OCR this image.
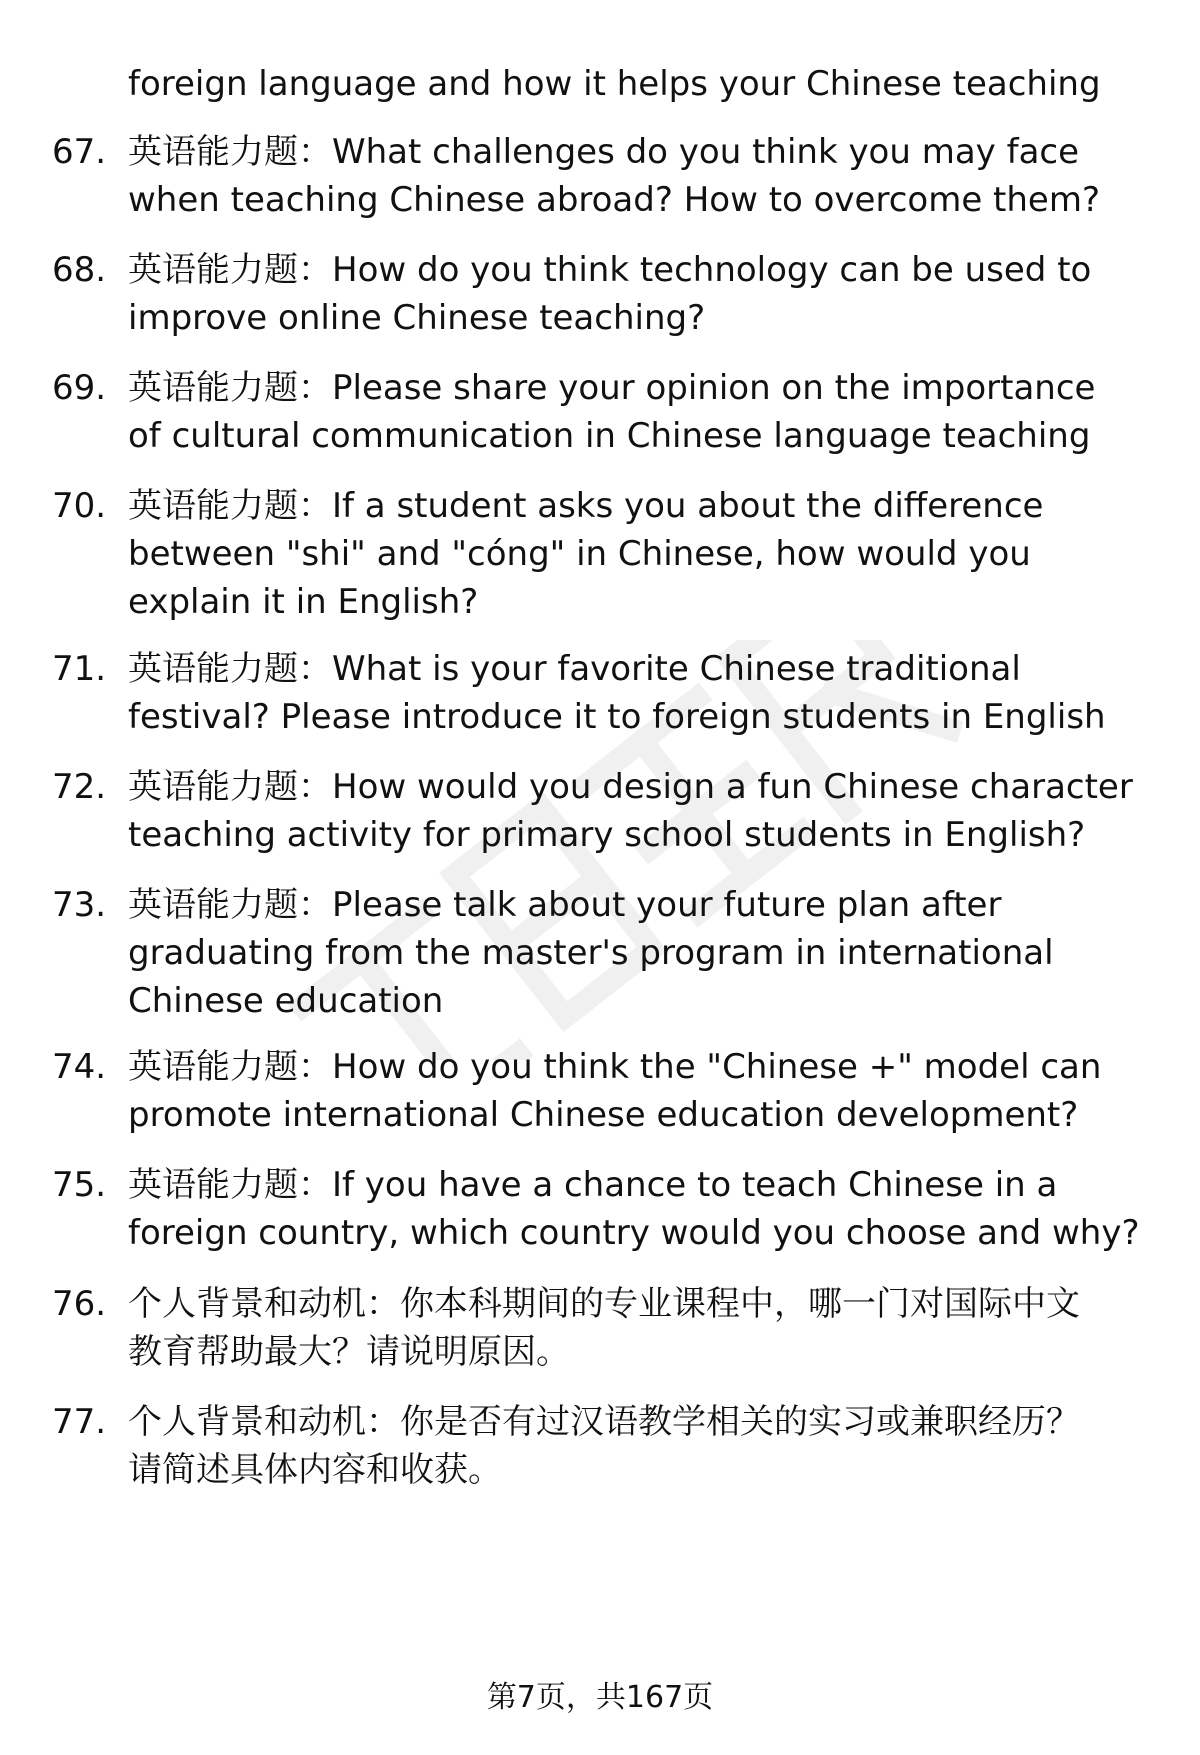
foreign language and how it helps your Chinese teaching
67. 英语能力题：What challenges do you think you may face
when teaching Chinese abroad? How to overcome them?
68. 英语能力题：How do you think technology can be used to
improve online Chinese teaching?
69. 英语能力题：Please share your opinion on the importance
of cultural communication in Chinese language teaching
70. 英语能力题：If a student asks you about the difference
between "shi" and "cóng" in Chinese, how would you
explain it in English?
71. 英语能力题：What is your favorite Chinese traditional
festival? Please introduce it to foreign students in English
72. 英语能力题：How would you design a fun Chinese character
teaching activity for primary school students in English?
73. 英语能力题：Please talk about your future plan after
graduating from the master's program in international
Chinese education
74. 英语能力题：How do you think the "Chinese +" model can
promote international Chinese education development?
75. 英语能力题：If you have a chance to teach Chinese in a
foreign country, which country would you choose and why?
76. 个人背景和动机：你本科期间的专业课程中，哪一门对国际中文
教育帮助最大？请说明原因。
77. 个人背景和动机：你是否有过汉语教学相关的实习或兼职经历？
请简述具体内容和收获。
第7页，共167页
